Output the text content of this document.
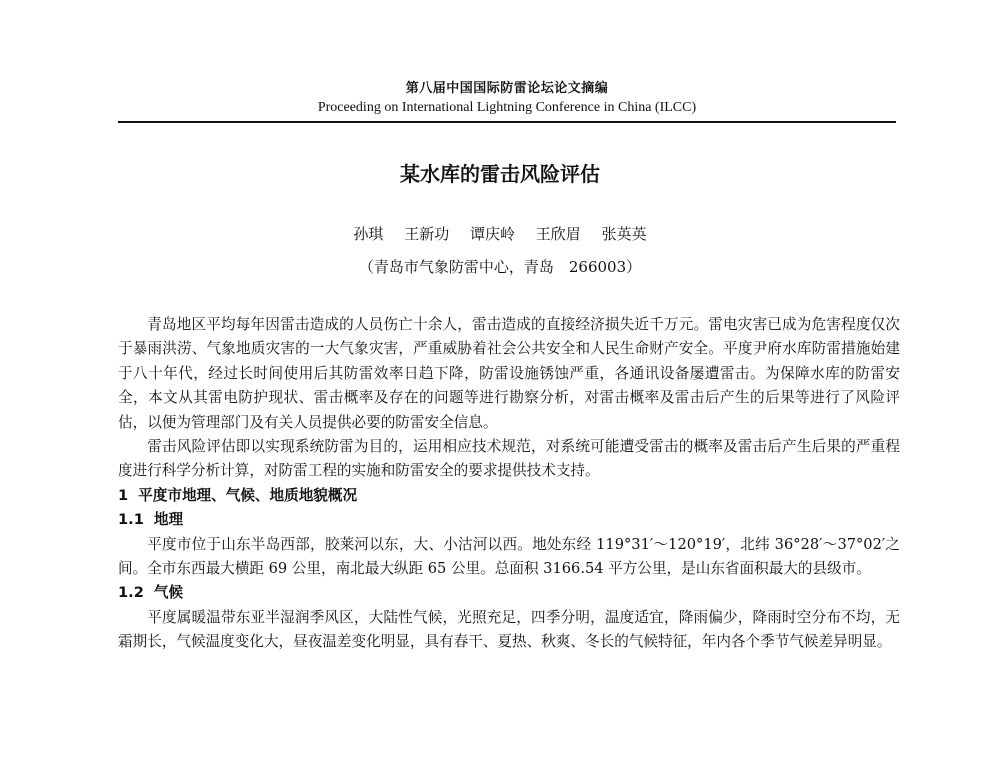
第八届中国国际防雷论坛论文摘编
Proceeding on International Lightning Conference in China (ILCC)
某水库的雷击风险评估
孙琪 王新功 谭庆岭 王欣眉 张英英
（青岛市气象防雷中心，青岛　266003）

青岛地区平均每年因雷击造成的人员伤亡十余人，雷击造成的直接经济损失近千万元。雷电灾害已成为危害程度仅次于暴雨洪涝、气象地质灾害的一大气象灾害，严重威胁着社会公共安全和人民生命财产安全。平度尹府水库防雷措施始建于八十年代，经过长时间使用后其防雷效率日趋下降，防雷设施锈蚀严重，各通讯设备屡遭雷击。为保障水库的防雷安全，本文从其雷电防护现状、雷击概率及存在的问题等进行勘察分析，对雷击概率及雷击后产生的后果等进行了风险评估，以便为管理部门及有关人员提供必要的防雷安全信息。

雷击风险评估即以实现系统防雷为目的，运用相应技术规范，对系统可能遭受雷击的概率及雷击后产生后果的严重程度进行科学分析计算，对防雷工程的实施和防雷安全的要求提供技术支持。

1 平度市地理、气候、地质地貌概况

1.1 地理

平度市位于山东半岛西部，胶莱河以东，大、小沽河以西。地处东经 119°31′～120°19′，北纬 36°28′～37°02′之间。全市东西最大横距 69 公里，南北最大纵距 65 公里。总面积 3166.54 平方公里，是山东省面积最大的县级市。

1.2 气候

平度属暖温带东亚半湿润季风区，大陆性气候，光照充足，四季分明，温度适宜，降雨偏少，降雨时空分布不均，无霜期长，气候温度变化大，昼夜温差变化明显，具有春干、夏热、秋爽、冬长的气候特征，年内各个季节气候差异明显。
